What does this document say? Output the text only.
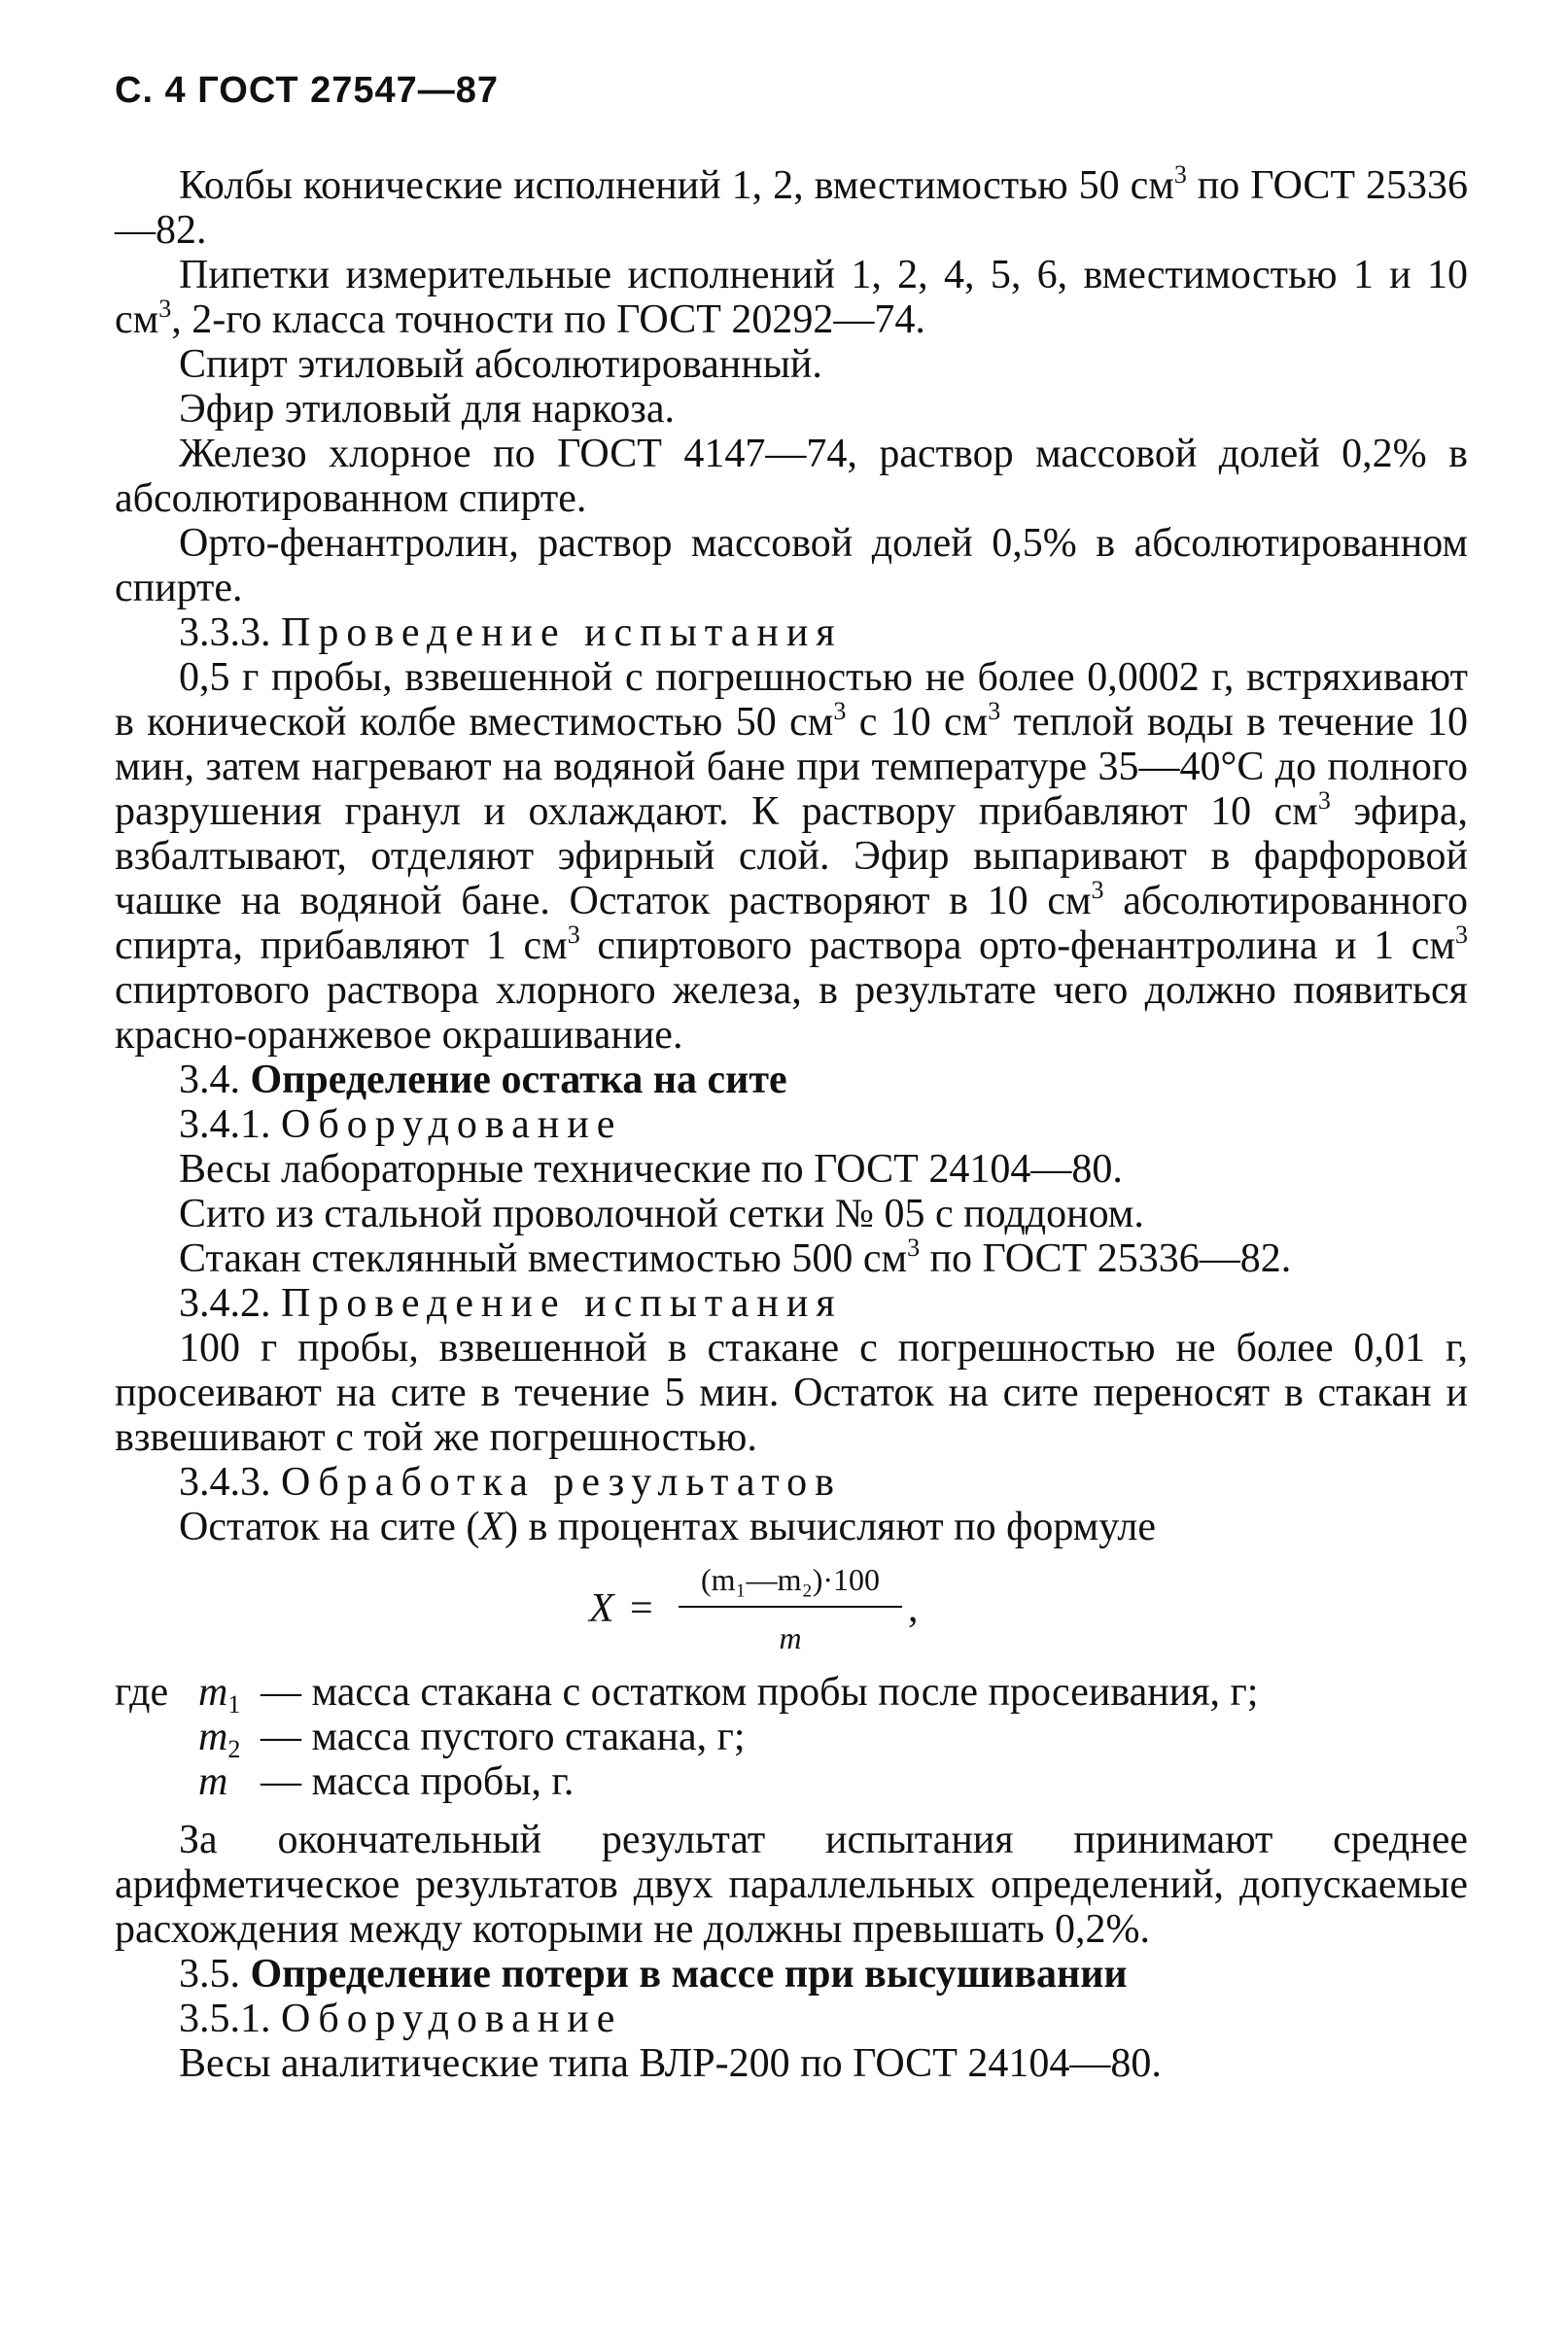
С. 4 ГОСТ 27547—87

Колбы конические исполнений 1, 2, вместимостью 50 $см^3$ по ГОСТ 25336—82.

Пипетки измерительные исполнений 1, 2, 4, 5, 6, вместимостью 1 и 10 $см^3$, 2-го класса точности по ГОСТ 20292—74.

Спирт этиловый абсолютированный.

Эфир этиловый для наркоза.

Железо хлорное по ГОСТ 4147—74, раствор массовой долей 0,2% в абсолютированном спирте.

Орто-фенантролин, раствор массовой долей 0,5% в абсолютированном спирте.

3.3.3. Проведение испытания

0,5 г пробы, взвешенной с погрешностью не более 0,0002 г, встряхивают в конической колбе вместимостью 50 $см^3$ с 10 $см^3$ теплой воды в течение 10 мин, затем нагревают на водяной бане при температуре 35—40°С до полного разрушения гранул и охлаждают. К раствору прибавляют 10 $см^3$ эфира, взбалтывают, отделяют эфирный слой. Эфир выпаривают в фарфоровой чашке на водяной бане. Остаток растворяют в 10 $см^3$ абсолютированного спирта, прибавляют 1 $см^3$ спиртового раствора орто-фенантролина и 1 $см^3$ спиртового раствора хлорного железа, в результате чего должно появиться красно-оранжевое окрашивание.

3.4. Определение остатка на сите

3.4.1. Оборудование

Весы лабораторные технические по ГОСТ 24104—80.

Сито из стальной проволочной сетки № 05 с поддоном.

Стакан стеклянный вместимостью 500 $см^3$ по ГОСТ 25336—82.

3.4.2. Проведение испытания

100 г пробы, взвешенной в стакане с погрешностью не более 0,01 г, просеивают на сите в течение 5 мин. Остаток на сите переносят в стакан и взвешивают с той же погрешностью.

3.4.3. Обработка результатов

Остаток на сите (X) в процентах вычисляют по формуле

X =
(m₁—m₂)·100
m
,
где $m_1$ — масса стакана с остатком пробы после просеивания, г;
$m_2$ — масса пустого стакана, г;
m — масса пробы, г.

За окончательный результат испытания принимают среднее арифметическое результатов двух параллельных определений, допускаемые расхождения между которыми не должны превышать 0,2%.

3.5. Определение потери в массе при высушивании

3.5.1. Оборудование

Весы аналитические типа ВЛР-200 по ГОСТ 24104—80.
